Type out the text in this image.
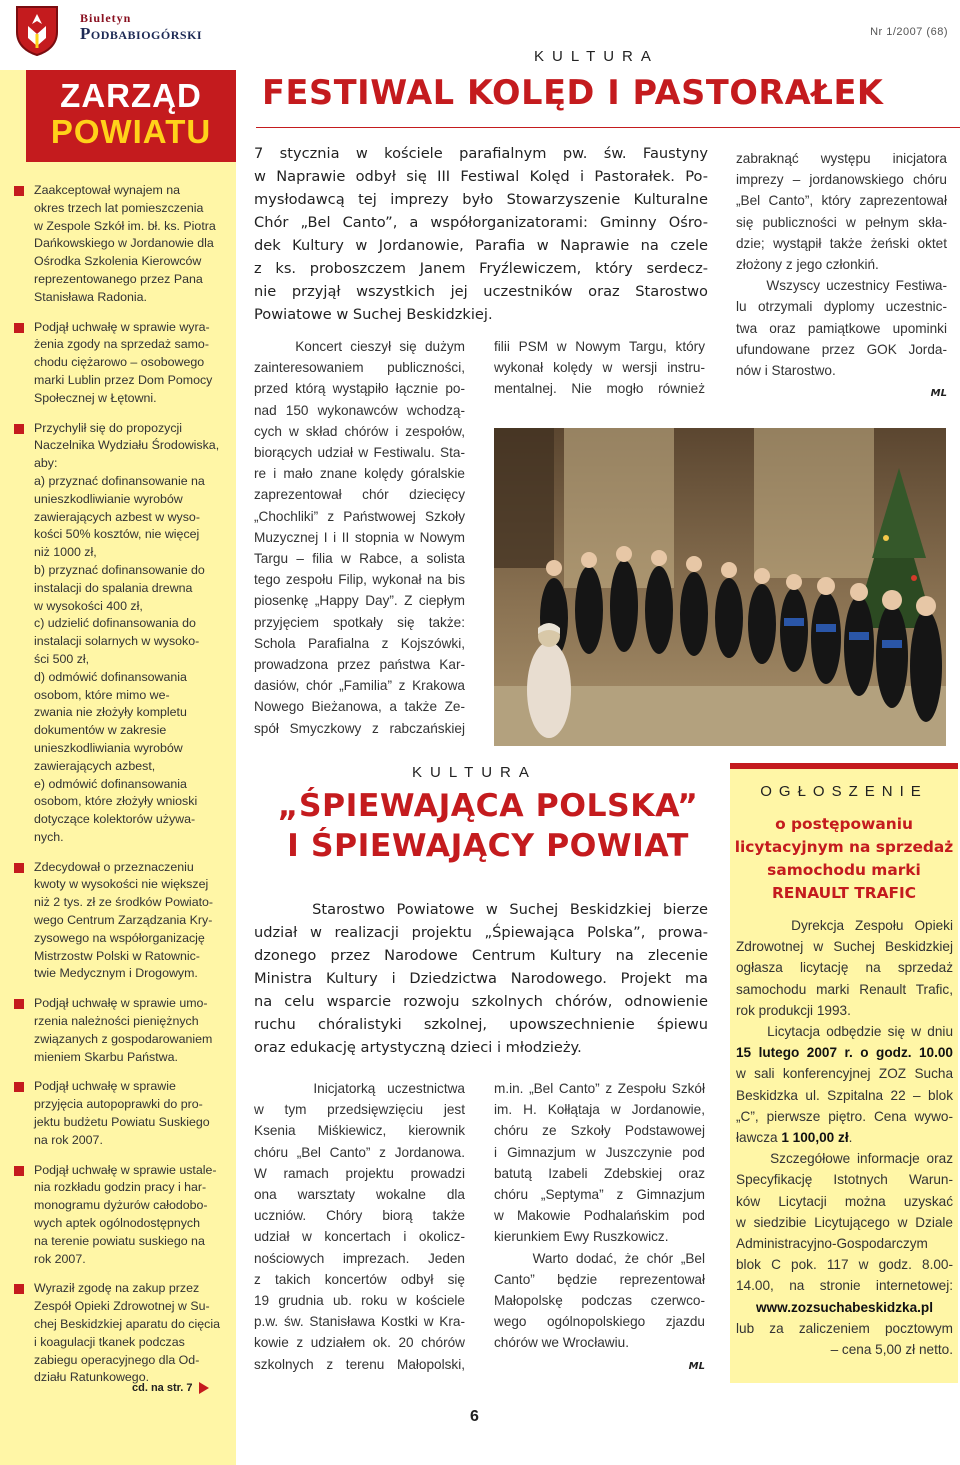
Biuletyn
Podbabiogórski	Nr 1/2007 (68)
ZARZĄD
POWIATU
Zaakceptował wynajem na
okres trzech lat pomieszczenia
w Zespole Szkół im. bł. ks. Piotra
Dańkowskiego w Jordanowie dla
Ośrodka Szkolenia Kierowców
reprezentowanego przez Pana
Stanisława Radonia.
Podjął uchwałę w sprawie wyra-
żenia zgody na sprzedaż samo-
chodu ciężarowo – osobowego
marki Lublin przez Dom Pomocy
Społecznej w Łętowni.
Przychylił się do propozycji
Naczelnika Wydziału Środowiska,
aby:
a) przyznać dofinansowanie na
unieszkodliwianie wyrobów
zawierających azbest w wyso-
kości 50% kosztów, nie więcej
niż 1000 zł,
b) przyznać dofinansowanie do
instalacji do spalania drewna
w wysokości 400 zł,
c) udzielić dofinansowania do
instalacji solarnych w wysoko-
ści 500 zł,
d) odmówić dofinansowania
osobom, które mimo we-
zwania nie złożyły kompletu
dokumentów w zakresie
unieszkodliwiania wyrobów
zawierających azbest,
e) odmówić dofinansowania
osobom, które złożyły wnioski
dotyczące kolektorów używa-
nych.
Zdecydował o przeznaczeniu
kwoty w wysokości nie większej
niż 2 tys. zł ze środków Powiato-
wego Centrum Zarządzania Kry-
zysowego na współorganizację
Mistrzostw Polski w Ratownic-
twie Medycznym i Drogowym.
Podjął uchwałę w sprawie umo-
rzenia należności pieniężnych
związanych z gospodarowaniem
mieniem Skarbu Państwa.
Podjął uchwałę w sprawie
przyjęcia autopoprawki do pro-
jektu budżetu Powiatu Suskiego
na rok 2007.
Podjął uchwałę w sprawie ustale-
nia rozkładu godzin pracy i har-
monogramu dyżurów całodobo-
wych aptek ogólnodostępnych
na terenie powiatu suskiego na
rok 2007.
Wyraził zgodę na zakup przez
Zespół Opieki Zdrowotnej w Su-
chej Beskidzkiej aparatu do cięcia
i koagulacji tkanek podczas
zabiegu operacyjnego dla Od-
działu Ratunkowego.
cd. na str. 7
KULTURA
FESTIWAL KOLĘD I PASTORAŁEK
7 stycznia w kościele parafialnym pw. św. Faustyny
w Naprawie odbył się III Festiwal Kolęd i Pastorałek. Po-
mysłodawcą tej imprezy było Stowarzyszenie Kulturalne
Chór „Bel Canto”, a współorganizatorami: Gminny Ośro-
dek Kultury w Jordanowie, Parafia w Naprawie na czele
z ks. proboszczem Janem Fryźlewiczem, który serdecz-
nie przyjął wszystkich jej uczestników oraz Starostwo
Powiatowe w Suchej Beskidzkiej.
Koncert cieszył się dużym
zainteresowaniem publiczności,
przed którą wystąpiło łącznie po-
nad 150 wykonawców wchodzą-
cych w skład chórów i zespołów,
biorących udział w Festiwalu. Sta-
re i mało znane kolędy góralskie
zaprezentował chór dziecięcy
„Chochliki” z Państwowej Szkoły
Muzycznej I i II stopnia w Nowym
Targu – filia w Rabce, a solista
tego zespołu Filip, wykonał na bis
piosenkę „Happy Day”. Z ciepłym
przyjęciem spotkały się także:
Schola Parafialna z Kojszówki,
prowadzona przez państwa Kar-
dasiów, chór „Familia” z Krakowa
Nowego Bieżanowa, a także Ze-
spół Smyczkowy z rabczańskiej
filii PSM w Nowym Targu, który
wykonał kolędy w wersji instru-
mentalnej. Nie mogło również
zabraknąć występu inicjatora
imprezy – jordanowskiego chóru
„Bel Canto”, który zaprezentował
się publiczności w pełnym skła-
dzie; wystąpił także żeński oktet
złożony z jego członkiń.
Wszyscy uczestnicy Festiwa-
lu otrzymali dyplomy uczestnic-
twa oraz pamiątkowe upominki
ufundowane przez GOK Jorda-
nów i Starostwo.
ML
KULTURA
„ŚPIEWAJĄCA POLSKA”
I ŚPIEWAJĄCY POWIAT
Starostwo Powiatowe w Suchej Beskidzkiej bierze
udział w realizacji projektu „Śpiewająca Polska”, prowa-
dzonego przez Narodowe Centrum Kultury na zlecenie
Ministra Kultury i Dziedzictwa Narodowego. Projekt ma
na celu wsparcie rozwoju szkolnych chórów, odnowienie
ruchu chóralistyki szkolnej, upowszechnienie śpiewu
oraz edukację artystyczną dzieci i młodzieży.
Inicjatorką uczestnictwa
w tym przedsięwzięciu jest
Ksenia Miśkiewicz, kierownik
chóru „Bel Canto” z Jordanowa.
W ramach projektu prowadzi
ona warsztaty wokalne dla
uczniów. Chóry biorą także
udział w koncertach i okolicz-
nościowych imprezach. Jeden
z takich koncertów odbył się
19 grudnia ub. roku w kościele
p.w. św. Stanisława Kostki w Kra-
kowie z udziałem ok. 20 chórów
szkolnych z terenu Małopolski,
m.in. „Bel Canto” z Zespołu Szkół
im. H. Kołłątaja w Jordanowie,
chóru ze Szkoły Podstawowej
i Gimnazjum w Juszczynie pod
batutą Izabeli Zdebskiej oraz
chóru „Septyma” z Gimnazjum
w Makowie Podhalańskim pod
kierunkiem Ewy Ruszkowicz.
Warto dodać, że chór „Bel
Canto” będzie reprezentował
Małopolskę podczas czerwco-
wego ogólnopolskiego zjazdu
chórów we Wrocławiu.
ML
OGŁOSZENIE
o postępowaniu
licytacyjnym na sprzedaż
samochodu marki
RENAULT TRAFIC
Dyrekcja Zespołu Opieki
Zdrowotnej w Suchej Beskidzkiej
ogłasza licytację na sprzedaż
samochodu marki Renault Trafic,
rok produkcji 1993.
Licytacja odbędzie się w dniu
15 lutego 2007 r. o godz. 10.00
w sali konferencyjnej ZOZ Sucha
Beskidzka ul. Szpitalna 22 – blok
„C”, pierwsze piętro. Cena wywo-
ławcza 1 100,00 zł.
Szczegółowe informacje oraz
Specyfikację Istotnych Warun-
ków Licytacji można uzyskać
w siedzibie Licytującego w Dziale
Administracyjno-Gospodarczym
blok C pok. 117 w godz. 8.00-
14.00, na stronie internetowej:
www.zozsuchabeskidzka.pl
lub za zaliczeniem pocztowym
– cena 5,00 zł netto.
6
